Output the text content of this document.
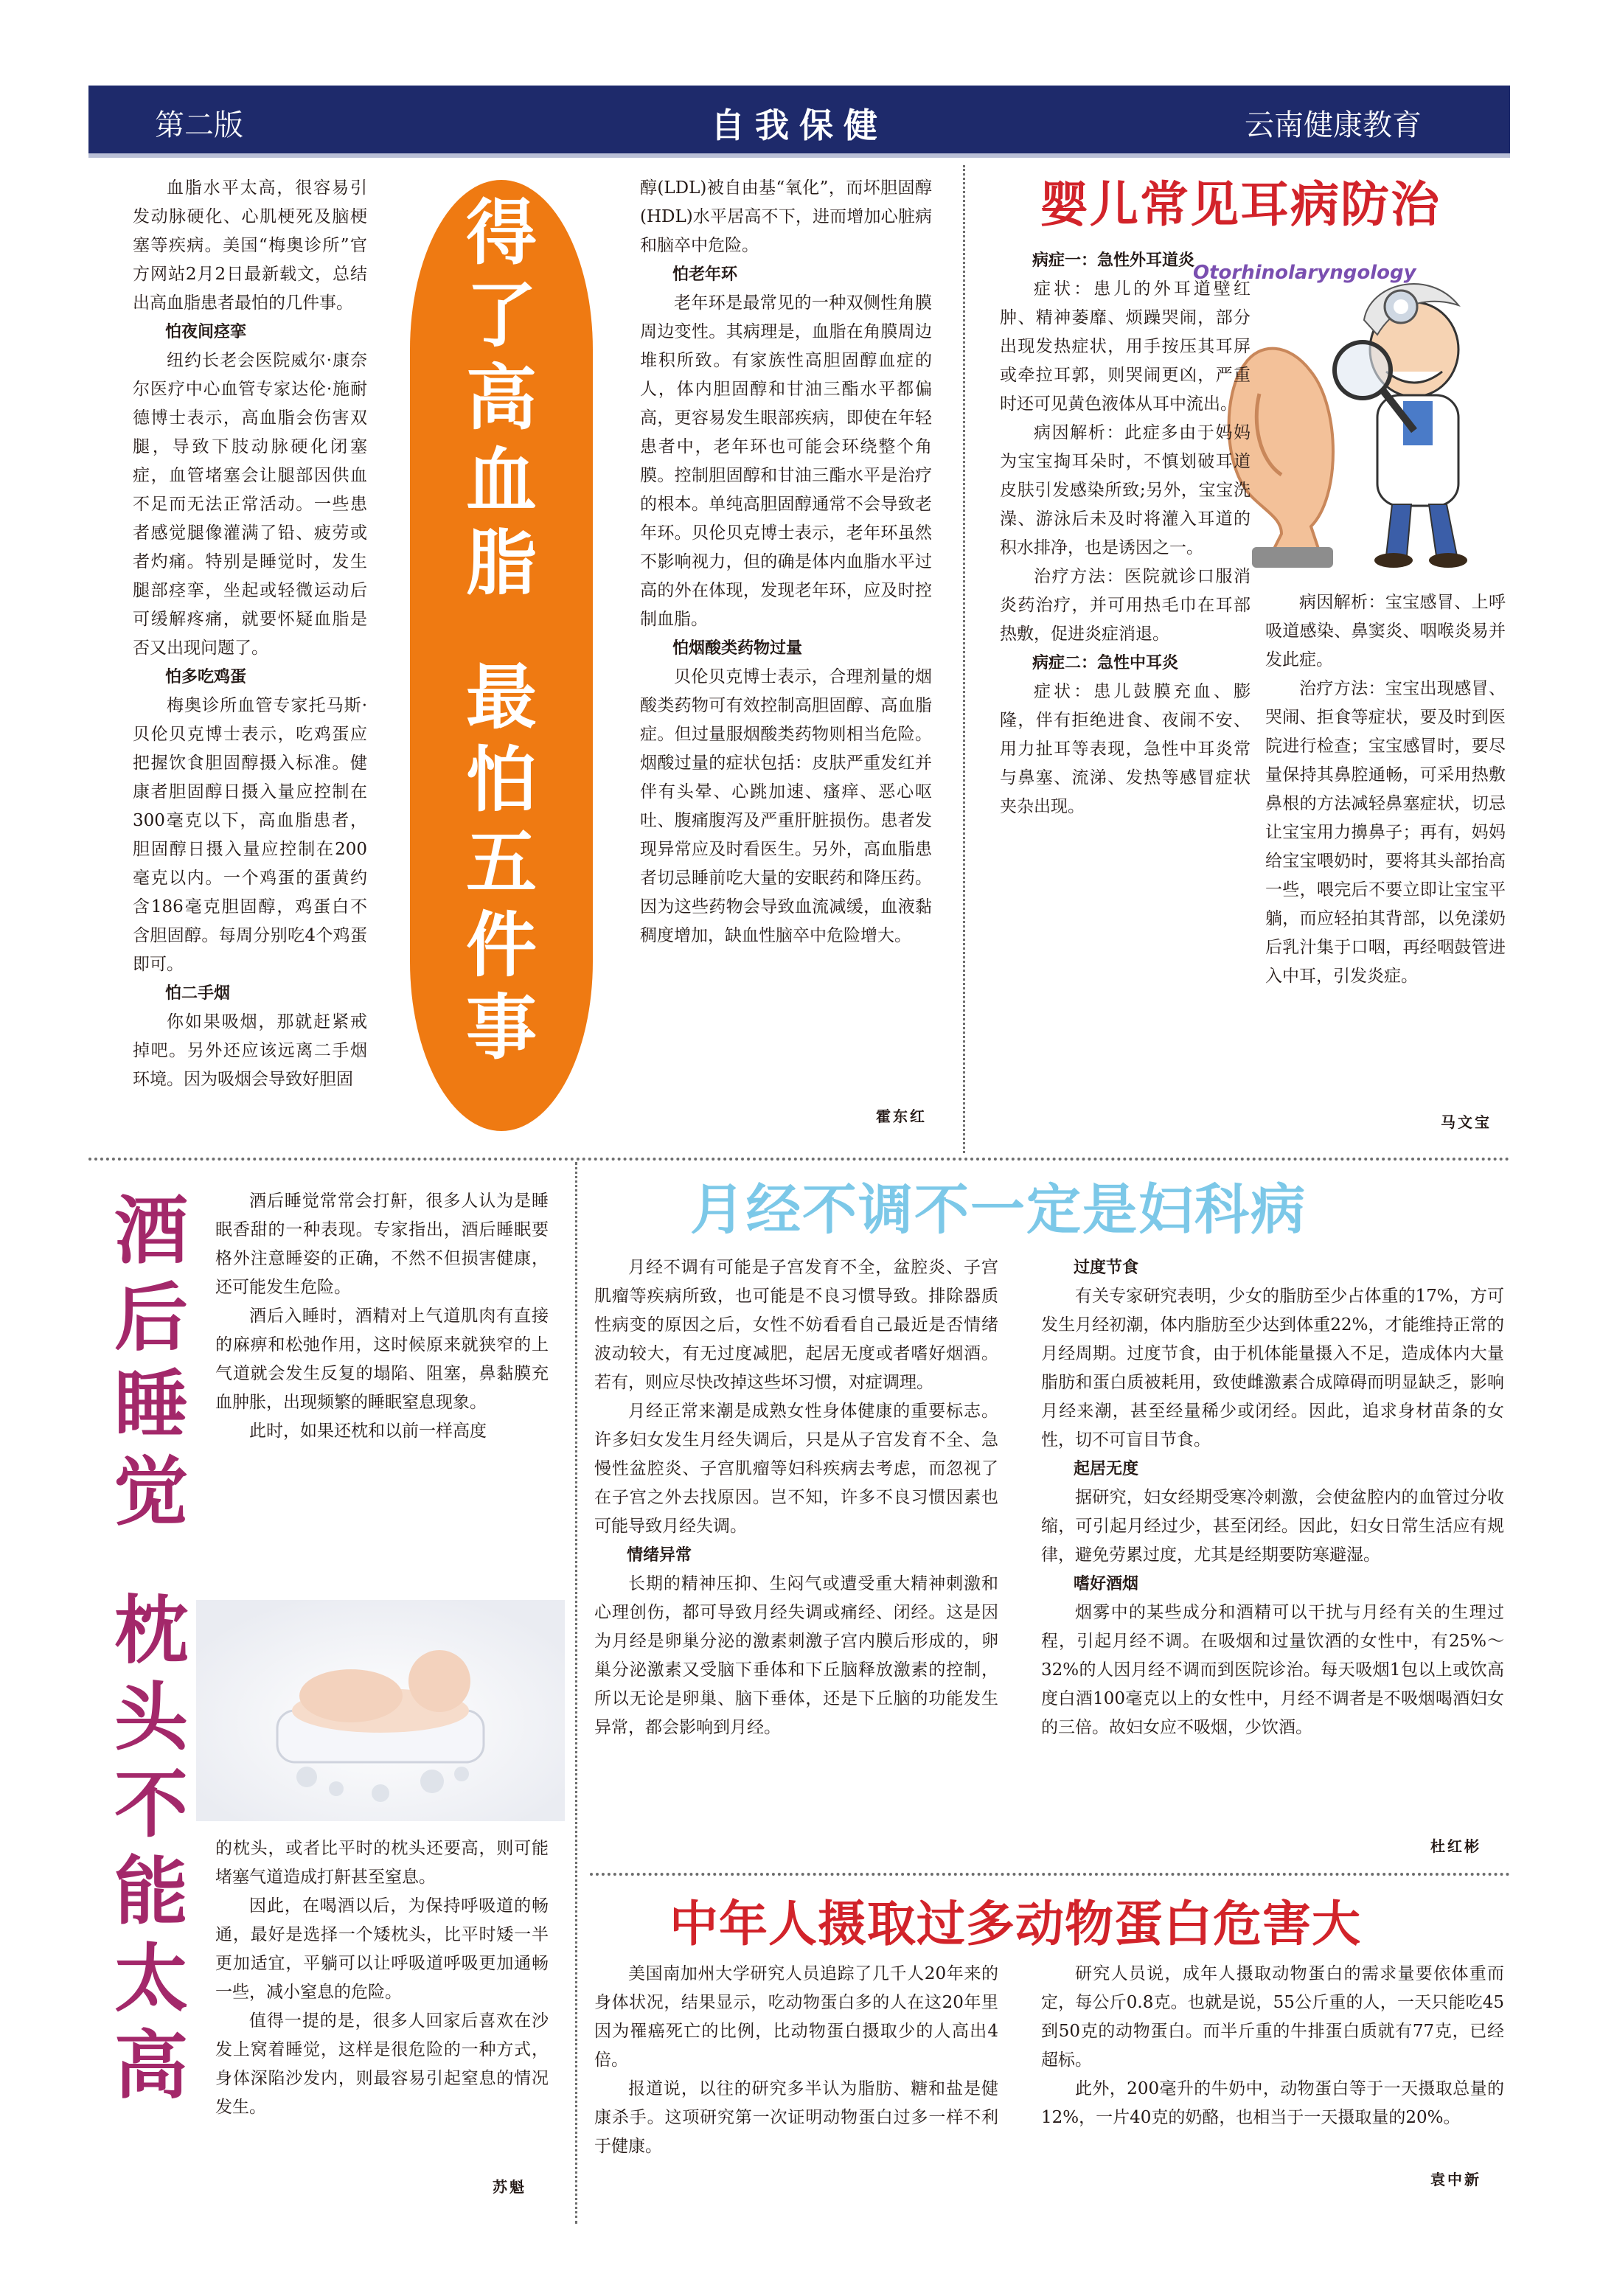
第二版	自我保健	云南健康教育

血脂水平太高，很容易引发动脉硬化、心肌梗死及脑梗塞等疾病。美国“梅奥诊所”官方网站2月2日最新载文，总结出高血脂患者最怕的几件事。

怕夜间痉挛

纽约长老会医院威尔·康奈尔医疗中心血管专家达伦·施耐德博士表示，高血脂会伤害双腿，导致下肢动脉硬化闭塞症，血管堵塞会让腿部因供血不足而无法正常活动。一些患者感觉腿像灌满了铅、疲劳或者灼痛。特别是睡觉时，发生腿部痉挛，坐起或轻微运动后可缓解疼痛，就要怀疑血脂是否又出现问题了。

怕多吃鸡蛋

梅奥诊所血管专家托马斯·贝伦贝克博士表示，吃鸡蛋应把握饮食胆固醇摄入标准。健康者胆固醇日摄入量应控制在300毫克以下，高血脂患者，胆固醇日摄入量应控制在200毫克以内。一个鸡蛋的蛋黄约含186毫克胆固醇，鸡蛋白不含胆固醇。每周分别吃4个鸡蛋即可。

怕二手烟

你如果吸烟，那就赶紧戒掉吧。另外还应该远离二手烟环境。因为吸烟会导致好胆固

得
了
高
血
脂
最
怕
五
件
事

醇(LDL)被自由基“氧化”，而坏胆固醇(HDL)水平居高不下，进而增加心脏病和脑卒中危险。

怕老年环

老年环是最常见的一种双侧性角膜周边变性。其病理是，血脂在角膜周边堆积所致。有家族性高胆固醇血症的人，体内胆固醇和甘油三酯水平都偏高，更容易发生眼部疾病，即使在年轻患者中，老年环也可能会环绕整个角膜。控制胆固醇和甘油三酯水平是治疗的根本。单纯高胆固醇通常不会导致老年环。贝伦贝克博士表示，老年环虽然不影响视力，但的确是体内血脂水平过高的外在体现，发现老年环，应及时控制血脂。

怕烟酸类药物过量

贝伦贝克博士表示，合理剂量的烟酸类药物可有效控制高胆固醇、高血脂症。但过量服烟酸类药物则相当危险。烟酸过量的症状包括：皮肤严重发红并伴有头晕、心跳加速、瘙痒、恶心呕吐、腹痛腹泻及严重肝脏损伤。患者发现异常应及时看医生。另外，高血脂患者切忌睡前吃大量的安眠药和降压药。因为这些药物会导致血流减缓，血液黏稠度增加，缺血性脑卒中危险增大。

霍东红
婴儿常见耳病防治
Otorhinolaryngology
病症一：急性外耳道炎

症状：患儿的外耳道壁红肿、精神萎靡、烦躁哭闹，部分出现发热症状，用手按压其耳屏或牵拉耳郭，则哭闹更凶，严重时还可见黄色液体从耳中流出。

病因解析：此症多由于妈妈为宝宝掏耳朵时，不慎划破耳道皮肤引发感染所致;另外，宝宝洗澡、游泳后未及时将灌入耳道的积水排净，也是诱因之一。

治疗方法：医院就诊口服消炎药治疗，并可用热毛巾在耳部热敷，促进炎症消退。

病症二：急性中耳炎

症状：患儿鼓膜充血、膨隆，伴有拒绝进食、夜闹不安、用力扯耳等表现，急性中耳炎常与鼻塞、流涕、发热等感冒症状夹杂出现。

病因解析：宝宝感冒、上呼吸道感染、鼻窦炎、咽喉炎易并发此症。

治疗方法：宝宝出现感冒、哭闹、拒食等症状，要及时到医院进行检查；宝宝感冒时，要尽量保持其鼻腔通畅，可采用热敷鼻根的方法减轻鼻塞症状，切忌让宝宝用力擤鼻子；再有，妈妈给宝宝喂奶时，要将其头部抬高一些，喂完后不要立即让宝宝平躺，而应轻拍其背部，以免漾奶后乳汁集于口咽，再经咽鼓管进入中耳，引发炎症。

马文宝
酒
后
睡
觉
枕
头
不
能
太
高

酒后睡觉常常会打鼾，很多人认为是睡眠香甜的一种表现。专家指出，酒后睡眠要格外注意睡姿的正确，不然不但损害健康，还可能发生危险。

酒后入睡时，酒精对上气道肌肉有直接的麻痹和松弛作用，这时候原来就狭窄的上气道就会发生反复的塌陷、阻塞，鼻黏膜充血肿胀，出现频繁的睡眠窒息现象。

此时，如果还枕和以前一样高度

的枕头，或者比平时的枕头还要高，则可能堵塞气道造成打鼾甚至窒息。

因此，在喝酒以后，为保持呼吸道的畅通，最好是选择一个矮枕头，比平时矮一半更加适宜，平躺可以让呼吸道呼吸更加通畅一些，减小窒息的危险。

值得一提的是，很多人回家后喜欢在沙发上窝着睡觉，这样是很危险的一种方式，身体深陷沙发内，则最容易引起窒息的情况发生。

苏魁
月经不调不一定是妇科病

月经不调有可能是子宫发育不全，盆腔炎、子宫肌瘤等疾病所致，也可能是不良习惯导致。排除器质性病变的原因之后，女性不妨看看自己最近是否情绪波动较大，有无过度减肥，起居无度或者嗜好烟酒。若有，则应尽快改掉这些坏习惯，对症调理。

月经正常来潮是成熟女性身体健康的重要标志。许多妇女发生月经失调后，只是从子宫发育不全、急慢性盆腔炎、子宫肌瘤等妇科疾病去考虑，而忽视了在子宫之外去找原因。岂不知，许多不良习惯因素也可能导致月经失调。

情绪异常

长期的精神压抑、生闷气或遭受重大精神刺激和心理创伤，都可导致月经失调或痛经、闭经。这是因为月经是卵巢分泌的激素刺激子宫内膜后形成的，卵巢分泌激素又受脑下垂体和下丘脑释放激素的控制，所以无论是卵巢、脑下垂体，还是下丘脑的功能发生异常，都会影响到月经。

过度节食

有关专家研究表明，少女的脂肪至少占体重的17%，方可发生月经初潮，体内脂肪至少达到体重22%，才能维持正常的月经周期。过度节食，由于机体能量摄入不足，造成体内大量脂肪和蛋白质被耗用，致使雌激素合成障碍而明显缺乏，影响月经来潮，甚至经量稀少或闭经。因此，追求身材苗条的女性，切不可盲目节食。

起居无度

据研究，妇女经期受寒冷刺激，会使盆腔内的血管过分收缩，可引起月经过少，甚至闭经。因此，妇女日常生活应有规律，避免劳累过度，尤其是经期要防寒避湿。

嗜好酒烟

烟雾中的某些成分和酒精可以干扰与月经有关的生理过程，引起月经不调。在吸烟和过量饮酒的女性中，有25%～32%的人因月经不调而到医院诊治。每天吸烟1包以上或饮高度白酒100毫克以上的女性中，月经不调者是不吸烟喝酒妇女的三倍。故妇女应不吸烟，少饮酒。

杜红彬
中年人摄取过多动物蛋白危害大

美国南加州大学研究人员追踪了几千人20年来的身体状况，结果显示，吃动物蛋白多的人在这20年里因为罹癌死亡的比例，比动物蛋白摄取少的人高出4倍。

报道说，以往的研究多半认为脂肪、糖和盐是健康杀手。这项研究第一次证明动物蛋白过多一样不利于健康。

研究人员说，成年人摄取动物蛋白的需求量要依体重而定，每公斤0.8克。也就是说，55公斤重的人，一天只能吃45到50克的动物蛋白。而半斤重的牛排蛋白质就有77克，已经超标。

此外，200毫升的牛奶中，动物蛋白等于一天摄取总量的12%，一片40克的奶酪，也相当于一天摄取量的20%。

袁中新
